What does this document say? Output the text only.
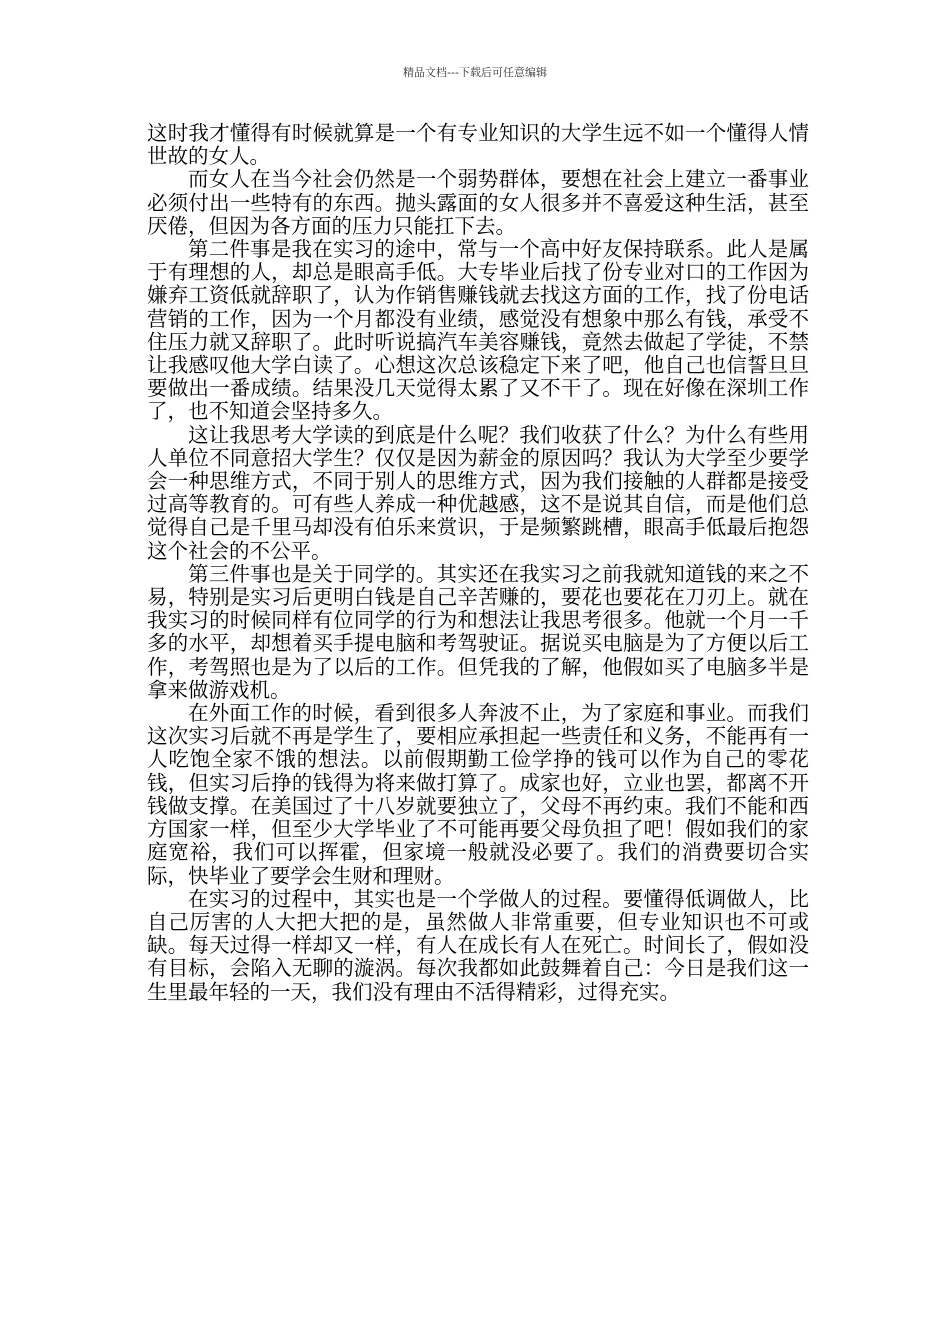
精品文档---下载后可任意编辑

这时我才懂得有时候就算是一个有专业知识的大学生远不如一个懂得人情世故的女人。

而女人在当今社会仍然是一个弱势群体，要想在社会上建立一番事业必须付出一些特有的东西。抛头露面的女人很多并不喜爱这种生活，甚至厌倦，但因为各方面的压力只能扛下去。

第二件事是我在实习的途中，常与一个高中好友保持联系。此人是属于有理想的人，却总是眼高手低。大专毕业后找了份专业对口的工作因为嫌弃工资低就辞职了，认为作销售赚钱就去找这方面的工作，找了份电话营销的工作，因为一个月都没有业绩，感觉没有想象中那么有钱，承受不住压力就又辞职了。此时听说搞汽车美容赚钱，竟然去做起了学徒，不禁让我感叹他大学白读了。心想这次总该稳定下来了吧，他自己也信誓旦旦要做出一番成绩。结果没几天觉得太累了又不干了。现在好像在深圳工作了，也不知道会坚持多久。

这让我思考大学读的到底是什么呢？我们收获了什么？为什么有些用人单位不同意招大学生？仅仅是因为薪金的原因吗？我认为大学至少要学会一种思维方式，不同于别人的思维方式，因为我们接触的人群都是接受过高等教育的。可有些人养成一种优越感，这不是说其自信，而是他们总觉得自己是千里马却没有伯乐来赏识，于是频繁跳槽，眼高手低最后抱怨这个社会的不公平。

第三件事也是关于同学的。其实还在我实习之前我就知道钱的来之不易，特别是实习后更明白钱是自己辛苦赚的，要花也要花在刀刃上。就在我实习的时候同样有位同学的行为和想法让我思考很多。他就一个月一千多的水平，却想着买手提电脑和考驾驶证。据说买电脑是为了方便以后工作，考驾照也是为了以后的工作。但凭我的了解，他假如买了电脑多半是拿来做游戏机。

在外面工作的时候，看到很多人奔波不止，为了家庭和事业。而我们这次实习后就不再是学生了，要相应承担起一些责任和义务，不能再有一人吃饱全家不饿的想法。以前假期勤工俭学挣的钱可以作为自己的零花钱，但实习后挣的钱得为将来做打算了。成家也好，立业也罢，都离不开钱做支撑。在美国过了十八岁就要独立了，父母不再约束。我们不能和西方国家一样，但至少大学毕业了不可能再要父母负担了吧！假如我们的家庭宽裕，我们可以挥霍，但家境一般就没必要了。我们的消费要切合实际，快毕业了要学会生财和理财。

在实习的过程中，其实也是一个学做人的过程。要懂得低调做人，比自己厉害的人大把大把的是，虽然做人非常重要，但专业知识也不可或缺。每天过得一样却又一样，有人在成长有人在死亡。时间长了，假如没有目标，会陷入无聊的漩涡。每次我都如此鼓舞着自己：今日是我们这一生里最年轻的一天，我们没有理由不活得精彩，过得充实。
